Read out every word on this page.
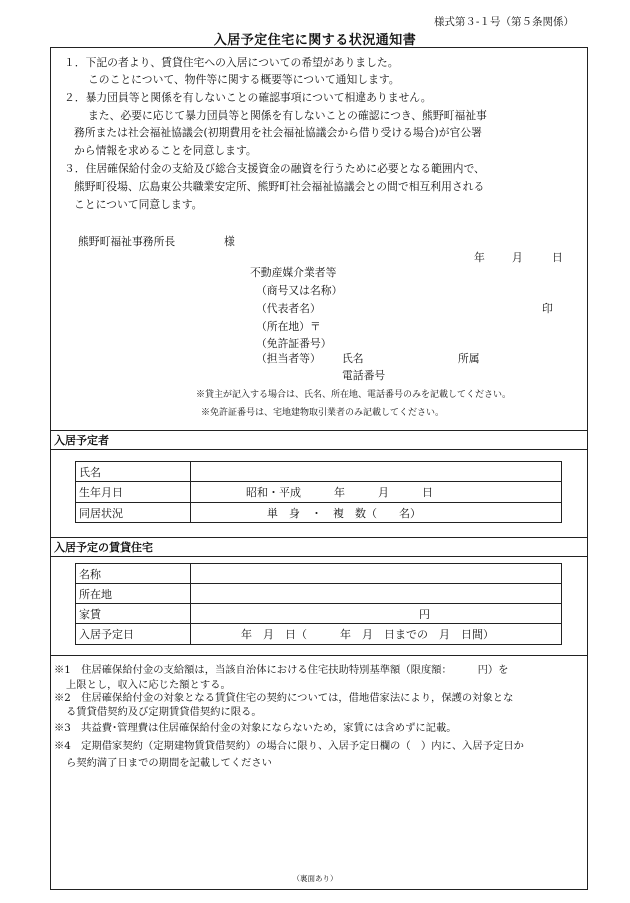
様式第３-１号（第５条関係）
入居予定住宅に関する状況通知書
１．下記の者より、賃貸住宅への入居についての希望がありました。
このことについて、物件等に関する概要等について通知します。
２．暴力団員等と関係を有しないことの確認事項について相違ありません。
また、必要に応じて暴力団員等と関係を有しないことの確認につき、熊野町福祉事
務所または社会福祉協議会(初期費用を社会福祉協議会から借り受ける場合)が官公署
から情報を求めることを同意します。
３．住居確保給付金の支給及び総合支援資金の融資を行うために必要となる範囲内で、
熊野町役場、広島東公共職業安定所、熊野町社会福祉協議会との間で相互利用される
ことについて同意します。
熊野町福祉事務所長	様
年	月	日
不動産媒介業者等
（商号又は名称）
（代表者名）	印
（所在地）〒
（免許証番号）
（担当者等） 氏名	所属
電話番号
※貸主が記入する場合は、氏名、所在地、電話番号のみを記載してください。
※免許証番号は、宅地建物取引業者のみ記載してください。
入居予定者
氏名	
生年月日	昭和・平成　　　年　　　月　　　日
同居状況	単　身　・　複　数（　　名）
入居予定の賃貸住宅
名称	
所在地	
家賃	円
入居予定日	年　月　日（　　　年　月　日までの　月　日間）
※1　住居確保給付金の支給額は，当該自治体における住宅扶助特別基準額（限度額：　　　円）を
上限とし，収入に応じた額とする。
※2　住居確保給付金の対象となる賃貸住宅の契約については，借地借家法により，保護の対象とな
る賃貸借契約及び定期賃貸借契約に限る。
※3　共益費･管理費は住居確保給付金の対象にならないため，家賃には含めずに記載。
※4　定期借家契約（定期建物賃貸借契約）の場合に限り、入居予定日欄の（　）内に、入居予定日か
ら契約満了日までの期間を記載してください
（裏面あり）
